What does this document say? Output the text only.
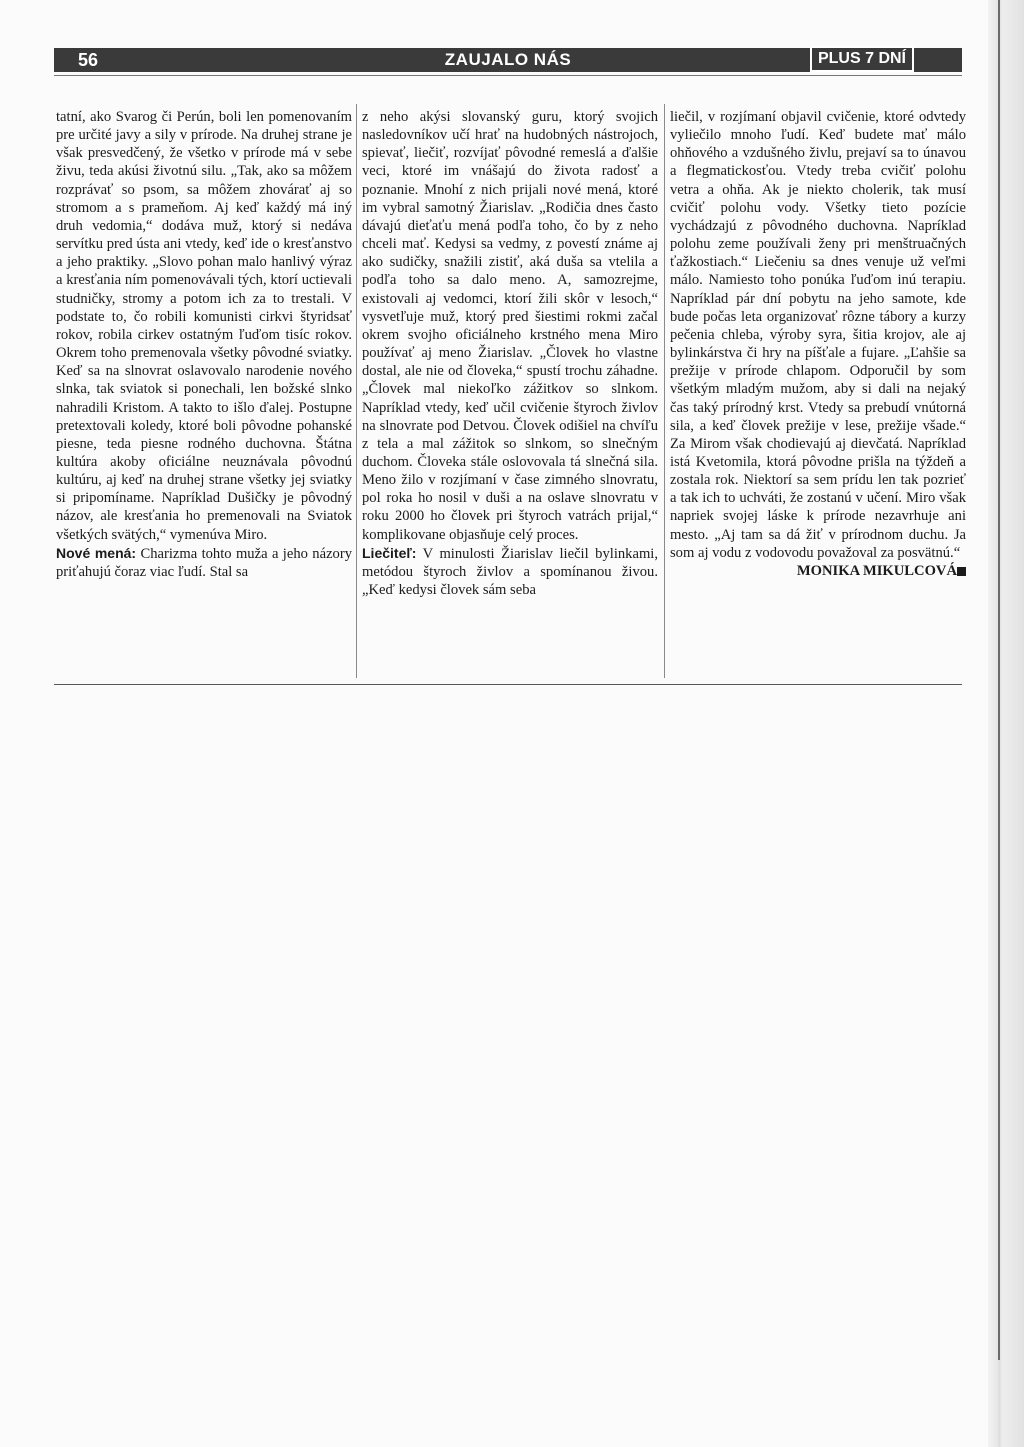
56	ZAUJALO NÁS	PLUS 7 DNÍ

tatní, ako Svarog či Perún, boli len pomenovaním pre určité javy a sily v prírode. Na druhej strane je však presvedčený, že všetko v prírode má v sebe živu, teda akúsi životnú silu. „Tak, ako sa môžem rozprávať so psom, sa môžem zhovárať aj so stromom a s prameňom. Aj keď každý má iný druh vedomia,“ dodáva muž, ktorý si nedáva servítku pred ústa ani vtedy, keď ide o kresťanstvo a jeho praktiky. „Slovo pohan malo hanlivý výraz a kresťania ním pomenovávali tých, ktorí uctievali studničky, stromy a potom ich za to trestali. V podstate to, čo robili komunisti cirkvi štyridsať rokov, robila cirkev ostatným ľuďom tisíc rokov. Okrem toho premenovala všetky pôvodné sviatky. Keď sa na slnovrat oslavovalo narodenie nového slnka, tak sviatok si ponechali, len božské slnko nahradili Kristom. A takto to išlo ďalej. Postupne pretextovali koledy, ktoré boli pôvodne pohanské piesne, teda piesne rodného duchovna. Štátna kultúra akoby oficiálne neuznávala pôvodnú kultúru, aj keď na druhej strane všetky jej sviatky si pripomíname. Napríklad Dušičky je pôvodný názov, ale kresťania ho premenovali na Sviatok všetkých svätých,“ vymenúva Miro.

Nové mená: Charizma tohto muža a jeho názory priťahujú čoraz viac ľudí. Stal sa

z neho akýsi slovanský guru, ktorý svojich nasledovníkov učí hrať na hudobných nástrojoch, spievať, liečiť, rozvíjať pôvodné remeslá a ďalšie veci, ktoré im vnášajú do života radosť a poznanie. Mnohí z nich prijali nové mená, ktoré im vybral samotný Žiarislav. „Rodičia dnes často dávajú dieťaťu mená podľa toho, čo by z neho chceli mať. Kedysi sa vedmy, z povestí známe aj ako sudičky, snažili zistiť, aká duša sa vtelila a podľa toho sa dalo meno. A, samozrejme, existovali aj vedomci, ktorí žili skôr v lesoch,“ vysvetľuje muž, ktorý pred šiestimi rokmi začal okrem svojho oficiálneho krstného mena Miro používať aj meno Žiarislav. „Človek ho vlastne dostal, ale nie od človeka,“ spustí trochu záhadne. „Človek mal niekoľko zážitkov so slnkom. Napríklad vtedy, keď učil cvičenie štyroch živlov na slnovrate pod Detvou. Človek odišiel na chvíľu z tela a mal zážitok so slnkom, so slnečným duchom. Človeka stále oslovovala tá slnečná sila. Meno žilo v rozjímaní v čase zimného slnovratu, pol roka ho nosil v duši a na oslave slnovratu v roku 2000 ho človek pri štyroch vatrách prijal,“ komplikovane objasňuje celý proces.

Liečiteľ: V minulosti Žiarislav liečil bylinkami, metódou štyroch živlov a spomínanou živou. „Keď kedysi človek sám seba

liečil, v rozjímaní objavil cvičenie, ktoré odvtedy vyliečilo mnoho ľudí. Keď budete mať málo ohňového a vzdušného živlu, prejaví sa to únavou a flegmatickosťou. Vtedy treba cvičiť polohu vetra a ohňa. Ak je niekto cholerik, tak musí cvičiť polohu vody. Všetky tieto pozície vychádzajú z pôvodného duchovna. Napríklad polohu zeme používali ženy pri menštruačných ťažkostiach.“ Liečeniu sa dnes venuje už veľmi málo. Namiesto toho ponúka ľuďom inú terapiu. Napríklad pár dní pobytu na jeho samote, kde bude počas leta organizovať rôzne tábory a kurzy pečenia chleba, výroby syra, šitia krojov, ale aj bylinkárstva či hry na píšťale a fujare. „Ľahšie sa prežije v prírode chlapom. Odporučil by som všetkým mladým mužom, aby si dali na nejaký čas taký prírodný krst. Vtedy sa prebudí vnútorná sila, a keď človek prežije v lese, prežije všade.“ Za Mirom však chodievajú aj dievčatá. Napríklad istá Kvetomila, ktorá pôvodne prišla na týždeň a zostala rok. Niektorí sa sem prídu len tak pozrieť a tak ich to uchváti, že zostanú v učení. Miro však napriek svojej láske k prírode nezavrhuje ani mesto. „Aj tam sa dá žiť v prírodnom duchu. Ja som aj vodu z vodovodu považoval za posvätnú.“

MONIKA MIKULCOVÁ
